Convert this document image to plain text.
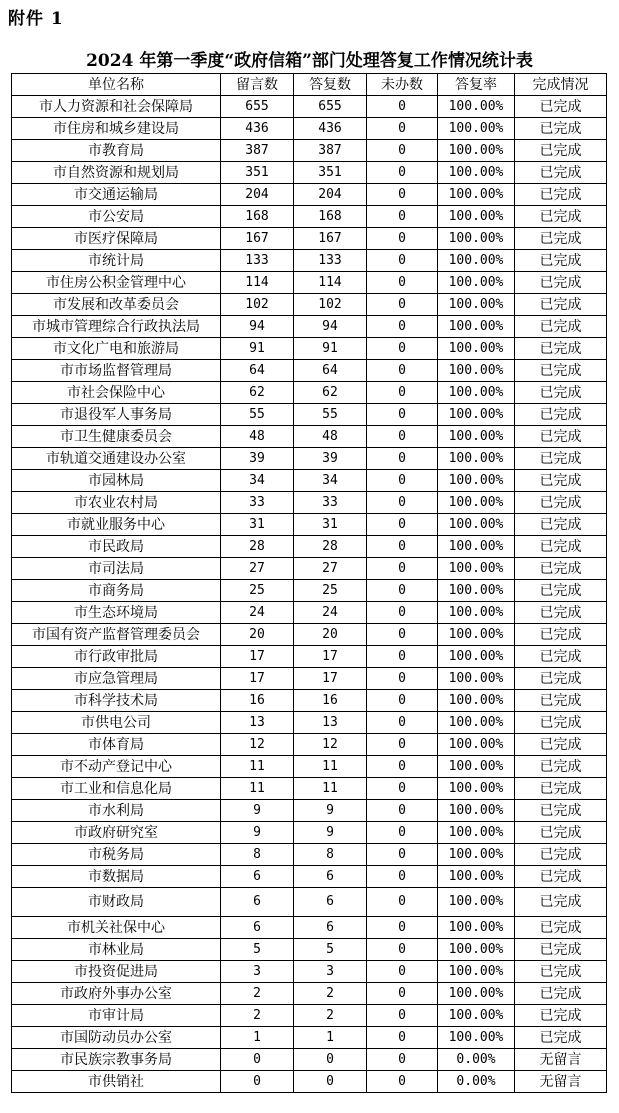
附件 1
2024 年第一季度“政府信箱”部门处理答复工作情况统计表
单位名称	留言数	答复数	未办数	答复率	完成情况
市人力资源和社会保障局	655	655	0	100.00%	已完成
市住房和城乡建设局	436	436	0	100.00%	已完成
市教育局	387	387	0	100.00%	已完成
市自然资源和规划局	351	351	0	100.00%	已完成
市交通运输局	204	204	0	100.00%	已完成
市公安局	168	168	0	100.00%	已完成
市医疗保障局	167	167	0	100.00%	已完成
市统计局	133	133	0	100.00%	已完成
市住房公积金管理中心	114	114	0	100.00%	已完成
市发展和改革委员会	102	102	0	100.00%	已完成
市城市管理综合行政执法局	94	94	0	100.00%	已完成
市文化广电和旅游局	91	91	0	100.00%	已完成
市市场监督管理局	64	64	0	100.00%	已完成
市社会保险中心	62	62	0	100.00%	已完成
市退役军人事务局	55	55	0	100.00%	已完成
市卫生健康委员会	48	48	0	100.00%	已完成
市轨道交通建设办公室	39	39	0	100.00%	已完成
市园林局	34	34	0	100.00%	已完成
市农业农村局	33	33	0	100.00%	已完成
市就业服务中心	31	31	0	100.00%	已完成
市民政局	28	28	0	100.00%	已完成
市司法局	27	27	0	100.00%	已完成
市商务局	25	25	0	100.00%	已完成
市生态环境局	24	24	0	100.00%	已完成
市国有资产监督管理委员会	20	20	0	100.00%	已完成
市行政审批局	17	17	0	100.00%	已完成
市应急管理局	17	17	0	100.00%	已完成
市科学技术局	16	16	0	100.00%	已完成
市供电公司	13	13	0	100.00%	已完成
市体育局	12	12	0	100.00%	已完成
市不动产登记中心	11	11	0	100.00%	已完成
市工业和信息化局	11	11	0	100.00%	已完成
市水利局	9	9	0	100.00%	已完成
市政府研究室	9	9	0	100.00%	已完成
市税务局	8	8	0	100.00%	已完成
市数据局	6	6	0	100.00%	已完成
市财政局	6	6	0	100.00%	已完成
市机关社保中心	6	6	0	100.00%	已完成
市林业局	5	5	0	100.00%	已完成
市投资促进局	3	3	0	100.00%	已完成
市政府外事办公室	2	2	0	100.00%	已完成
市审计局	2	2	0	100.00%	已完成
市国防动员办公室	1	1	0	100.00%	已完成
市民族宗教事务局	0	0	0	0.00%	无留言
市供销社	0	0	0	0.00%	无留言
